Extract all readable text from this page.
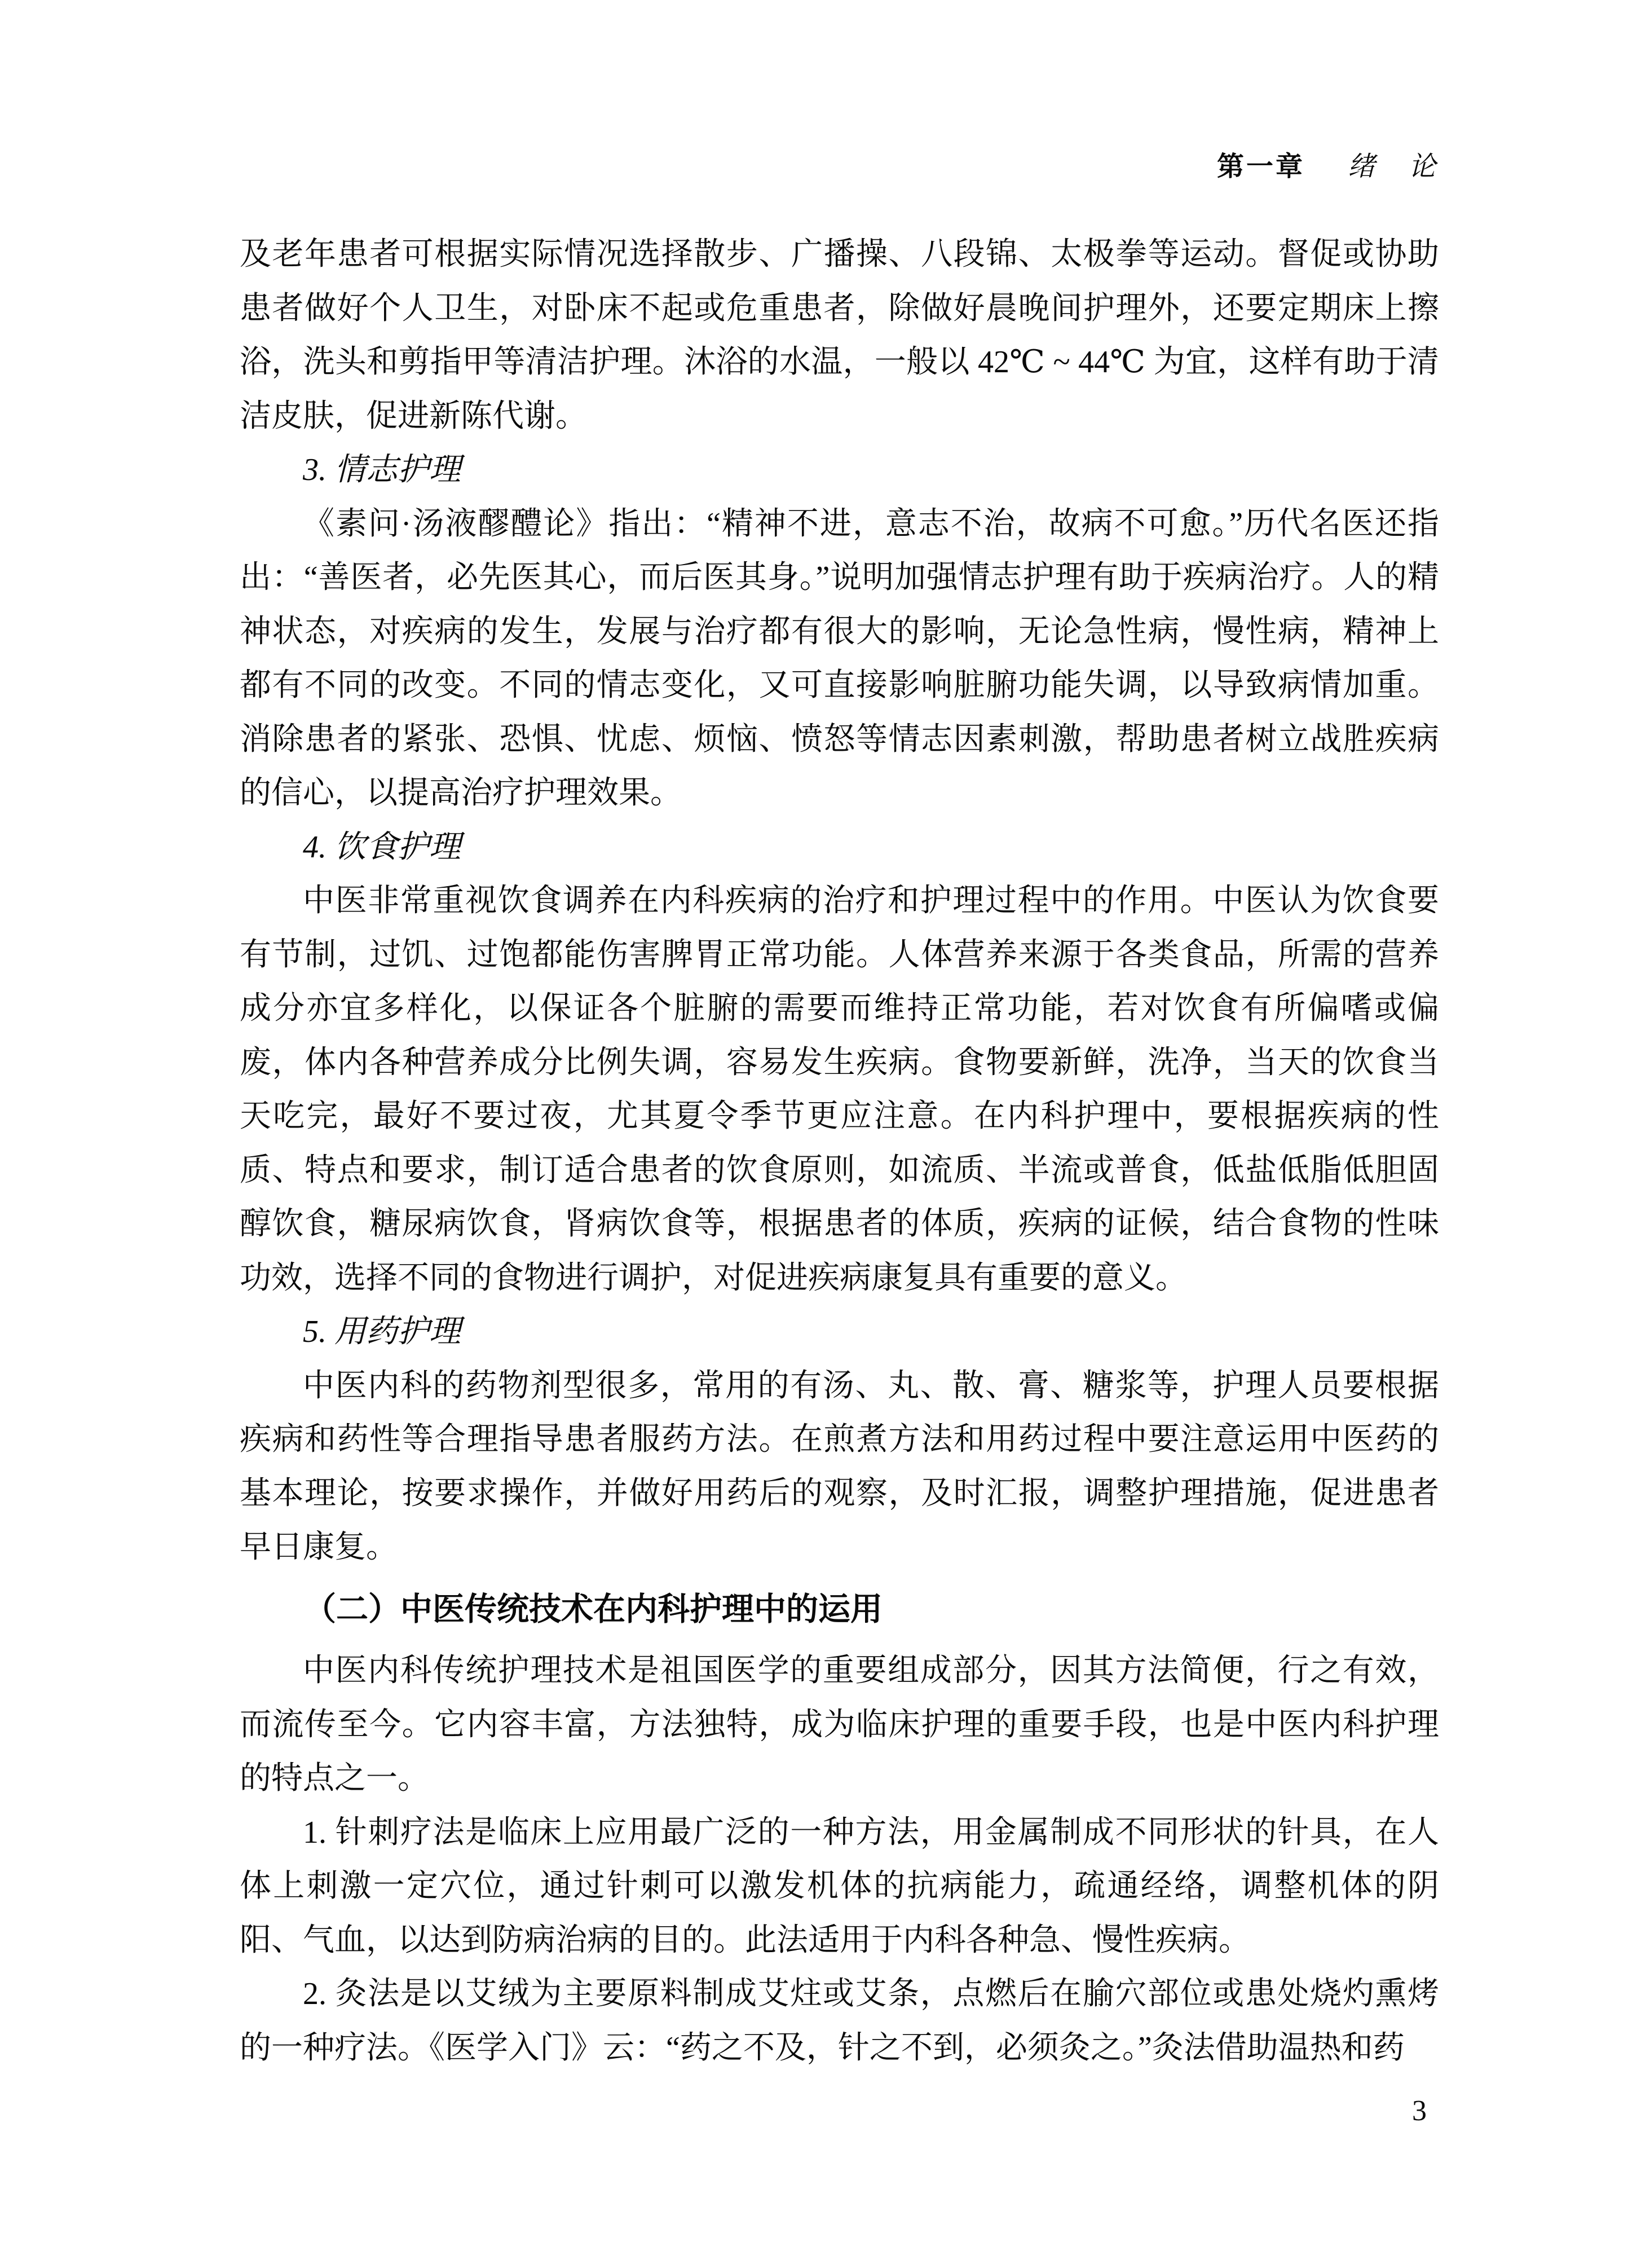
第一章 绪　论

及老年患者可根据实际情况选择散步、广播操、八段锦、太极拳等运动。督促或协助患者做好个人卫生，对卧床不起或危重患者，除做好晨晚间护理外，还要定期床上擦浴，洗头和剪指甲等清洁护理。沐浴的水温，一般以 42℃ ~ 44℃ 为宜，这样有助于清洁皮肤，促进新陈代谢。

3. 情志护理

《素问·汤液醪醴论》指出：“精神不进，意志不治，故病不可愈。”历代名医还指出：“善医者，必先医其心，而后医其身。”说明加强情志护理有助于疾病治疗。人的精神状态，对疾病的发生，发展与治疗都有很大的影响，无论急性病，慢性病，精神上都有不同的改变。不同的情志变化，又可直接影响脏腑功能失调，以导致病情加重。消除患者的紧张、恐惧、忧虑、烦恼、愤怒等情志因素刺激，帮助患者树立战胜疾病的信心，以提高治疗护理效果。

4. 饮食护理

中医非常重视饮食调养在内科疾病的治疗和护理过程中的作用。中医认为饮食要有节制，过饥、过饱都能伤害脾胃正常功能。人体营养来源于各类食品，所需的营养成分亦宜多样化，以保证各个脏腑的需要而维持正常功能，若对饮食有所偏嗜或偏废，体内各种营养成分比例失调，容易发生疾病。食物要新鲜，洗净，当天的饮食当天吃完，最好不要过夜，尤其夏令季节更应注意。在内科护理中，要根据疾病的性质、特点和要求，制订适合患者的饮食原则，如流质、半流或普食，低盐低脂低胆固醇饮食，糖尿病饮食，肾病饮食等，根据患者的体质，疾病的证候，结合食物的性味功效，选择不同的食物进行调护，对促进疾病康复具有重要的意义。

5. 用药护理

中医内科的药物剂型很多，常用的有汤、丸、散、膏、糖浆等，护理人员要根据疾病和药性等合理指导患者服药方法。在煎煮方法和用药过程中要注意运用中医药的基本理论，按要求操作，并做好用药后的观察，及时汇报，调整护理措施，促进患者早日康复。

（二）中医传统技术在内科护理中的运用

中医内科传统护理技术是祖国医学的重要组成部分，因其方法简便，行之有效，而流传至今。它内容丰富，方法独特，成为临床护理的重要手段，也是中医内科护理的特点之一。

1. 针刺疗法是临床上应用最广泛的一种方法，用金属制成不同形状的针具，在人体上刺激一定穴位，通过针刺可以激发机体的抗病能力，疏通经络，调整机体的阴阳、气血，以达到防病治病的目的。此法适用于内科各种急、慢性疾病。

2. 灸法是以艾绒为主要原料制成艾炷或艾条，点燃后在腧穴部位或患处烧灼熏烤的一种疗法。《医学入门》云：“药之不及，针之不到，必须灸之。”灸法借助温热和药

3
